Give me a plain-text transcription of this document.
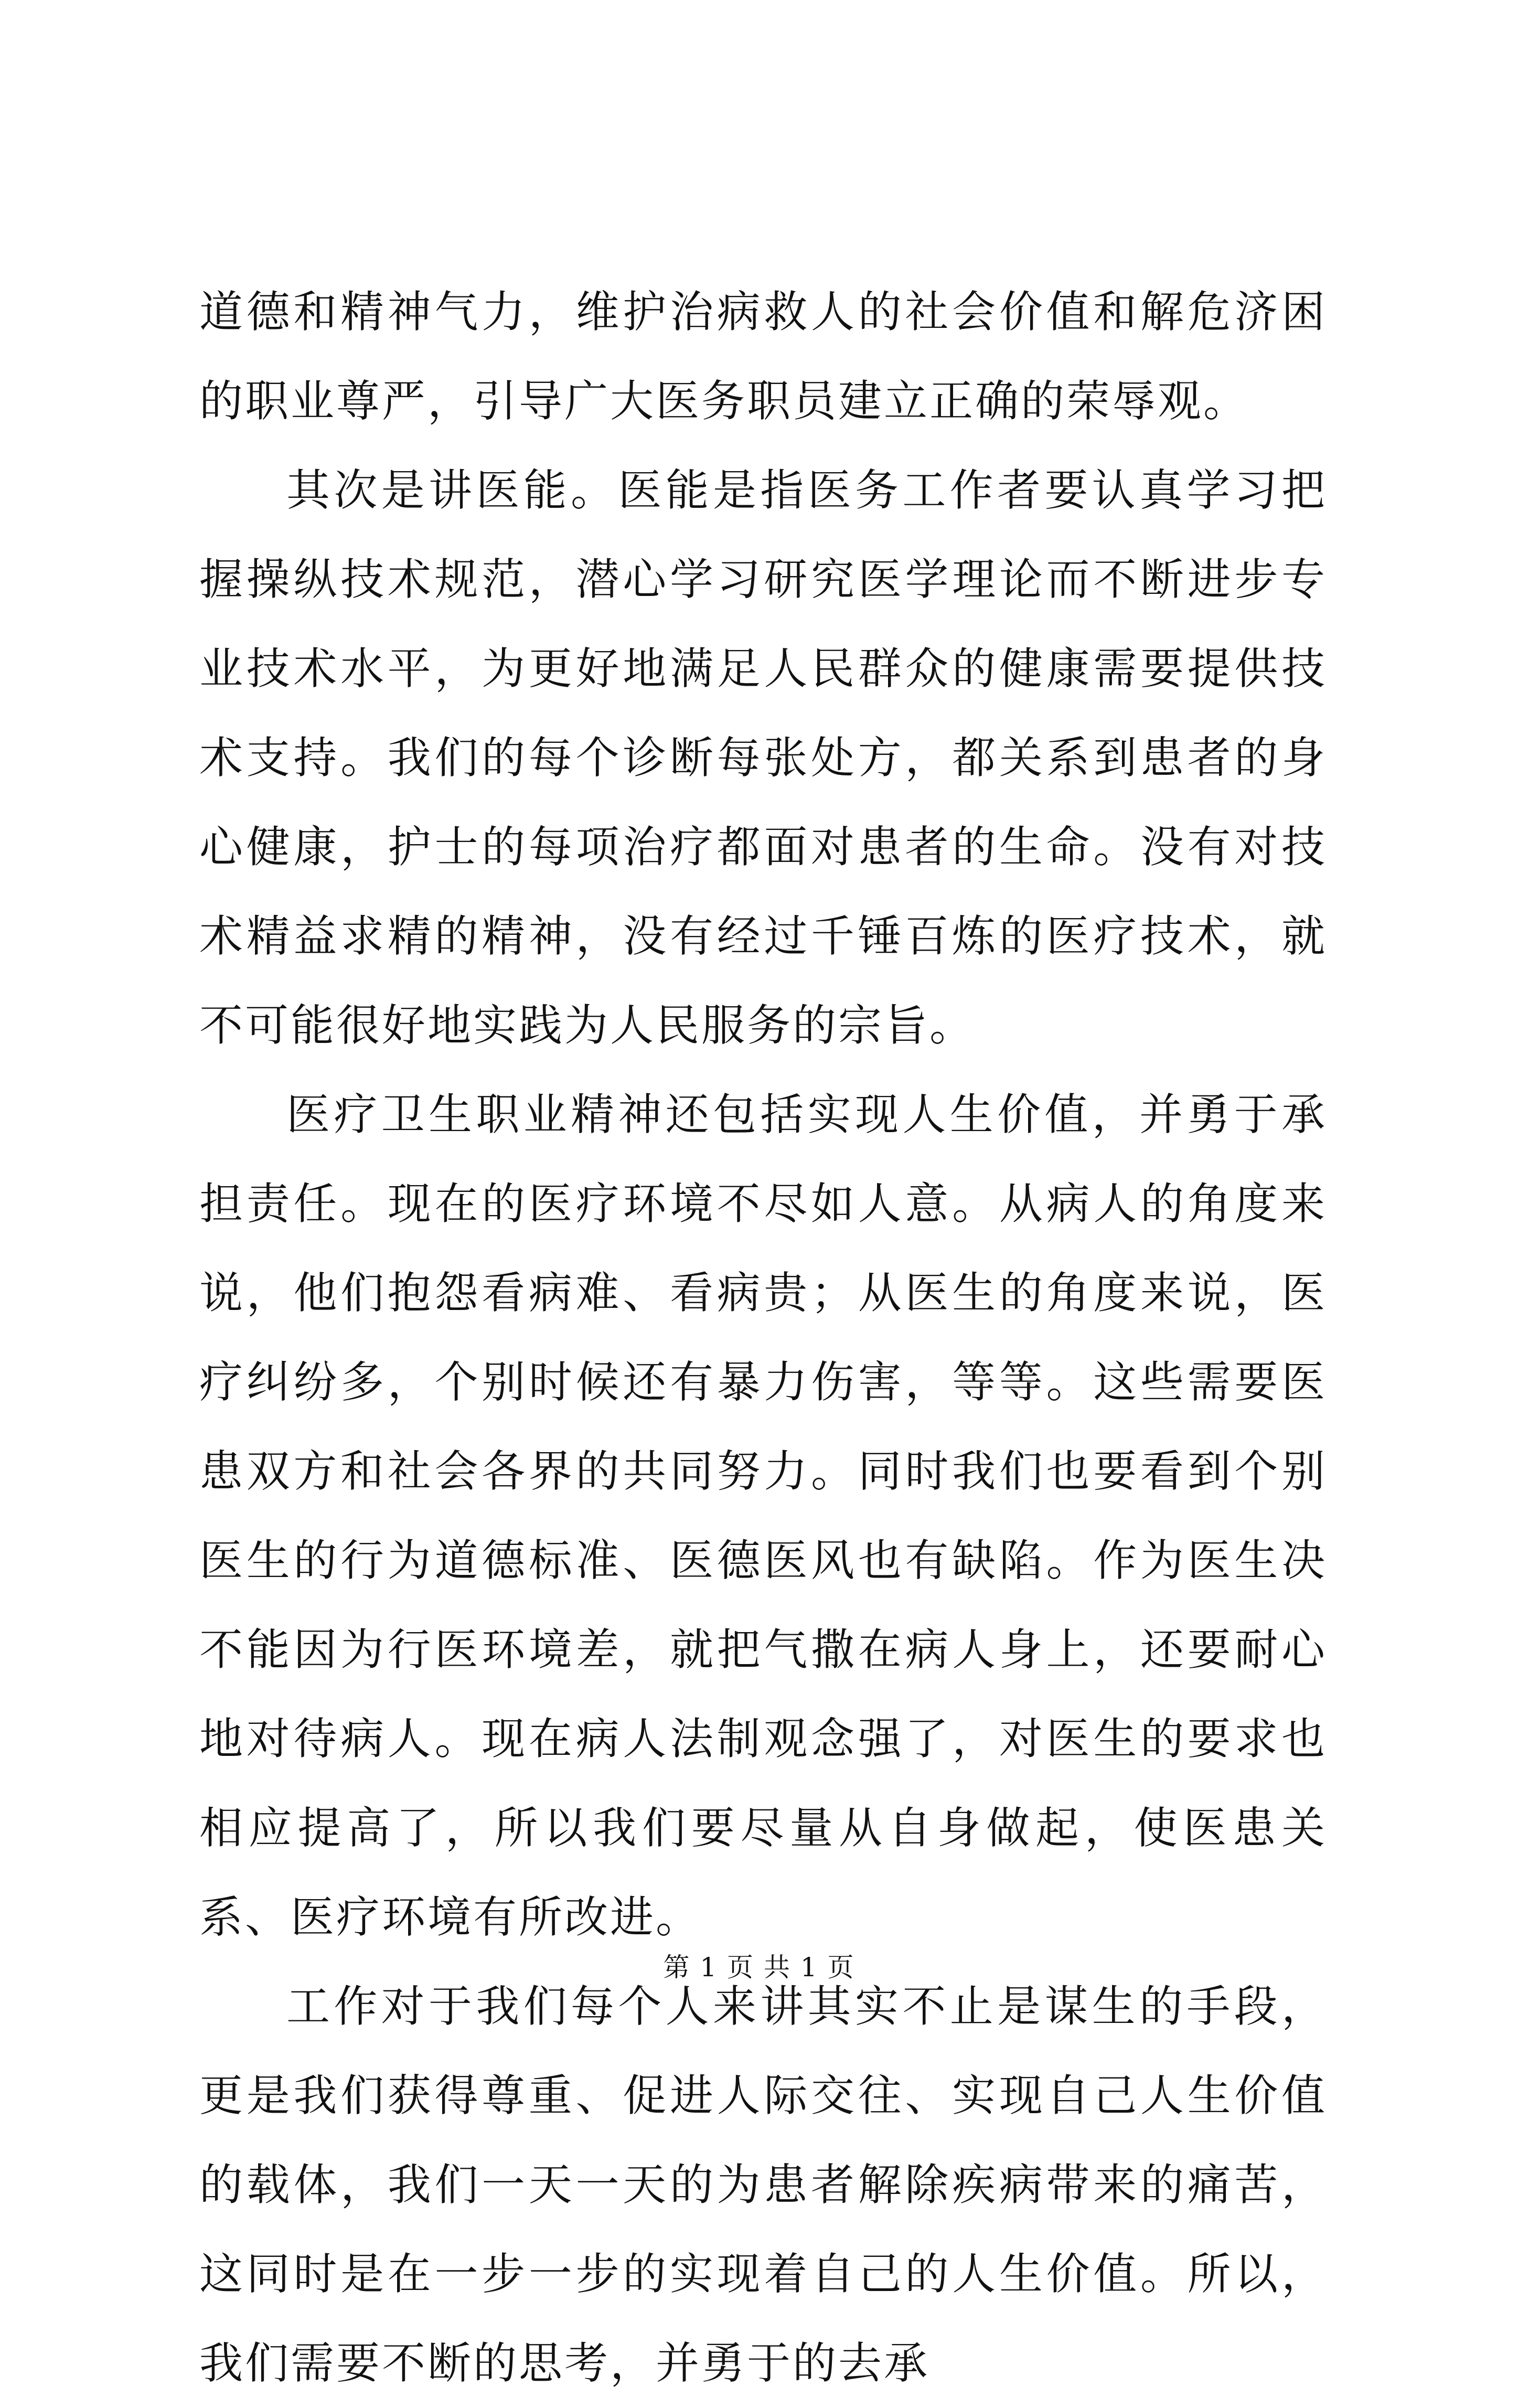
道德和精神气力，维护治病救人的社会价值和解危济困的职业尊严，引导广大医务职员建立正确的荣辱观。

其次是讲医能。医能是指医务工作者要认真学习把握操纵技术规范，潜心学习研究医学理论而不断进步专业技术水平，为更好地满足人民群众的健康需要提供技术支持。我们的每个诊断每张处方，都关系到患者的身心健康，护士的每项治疗都面对患者的生命。没有对技术精益求精的精神，没有经过千锤百炼的医疗技术，就不可能很好地实践为人民服务的宗旨。

医疗卫生职业精神还包括实现人生价值，并勇于承担责任。现在的医疗环境不尽如人意。从病人的角度来说，他们抱怨看病难、看病贵；从医生的角度来说，医疗纠纷多，个别时候还有暴力伤害，等等。这些需要医患双方和社会各界的共同努力。同时我们也要看到个别医生的行为道德标准、医德医风也有缺陷。作为医生决不能因为行医环境差，就把气撒在病人身上，还要耐心地对待病人。现在病人法制观念强了，对医生的要求也相应提高了，所以我们要尽量从自身做起，使医患关系、医疗环境有所改进。

工作对于我们每个人来讲其实不止是谋生的手段，更是我们获得尊重、促进人际交往、实现自己人生价值的载体，我们一天一天的为患者解除疾病带来的痛苦，这同时是在一步一步的实现着自己的人生价值。所以，我们需要不断的思考，并勇于的去承

第 1 页 共 1 页
